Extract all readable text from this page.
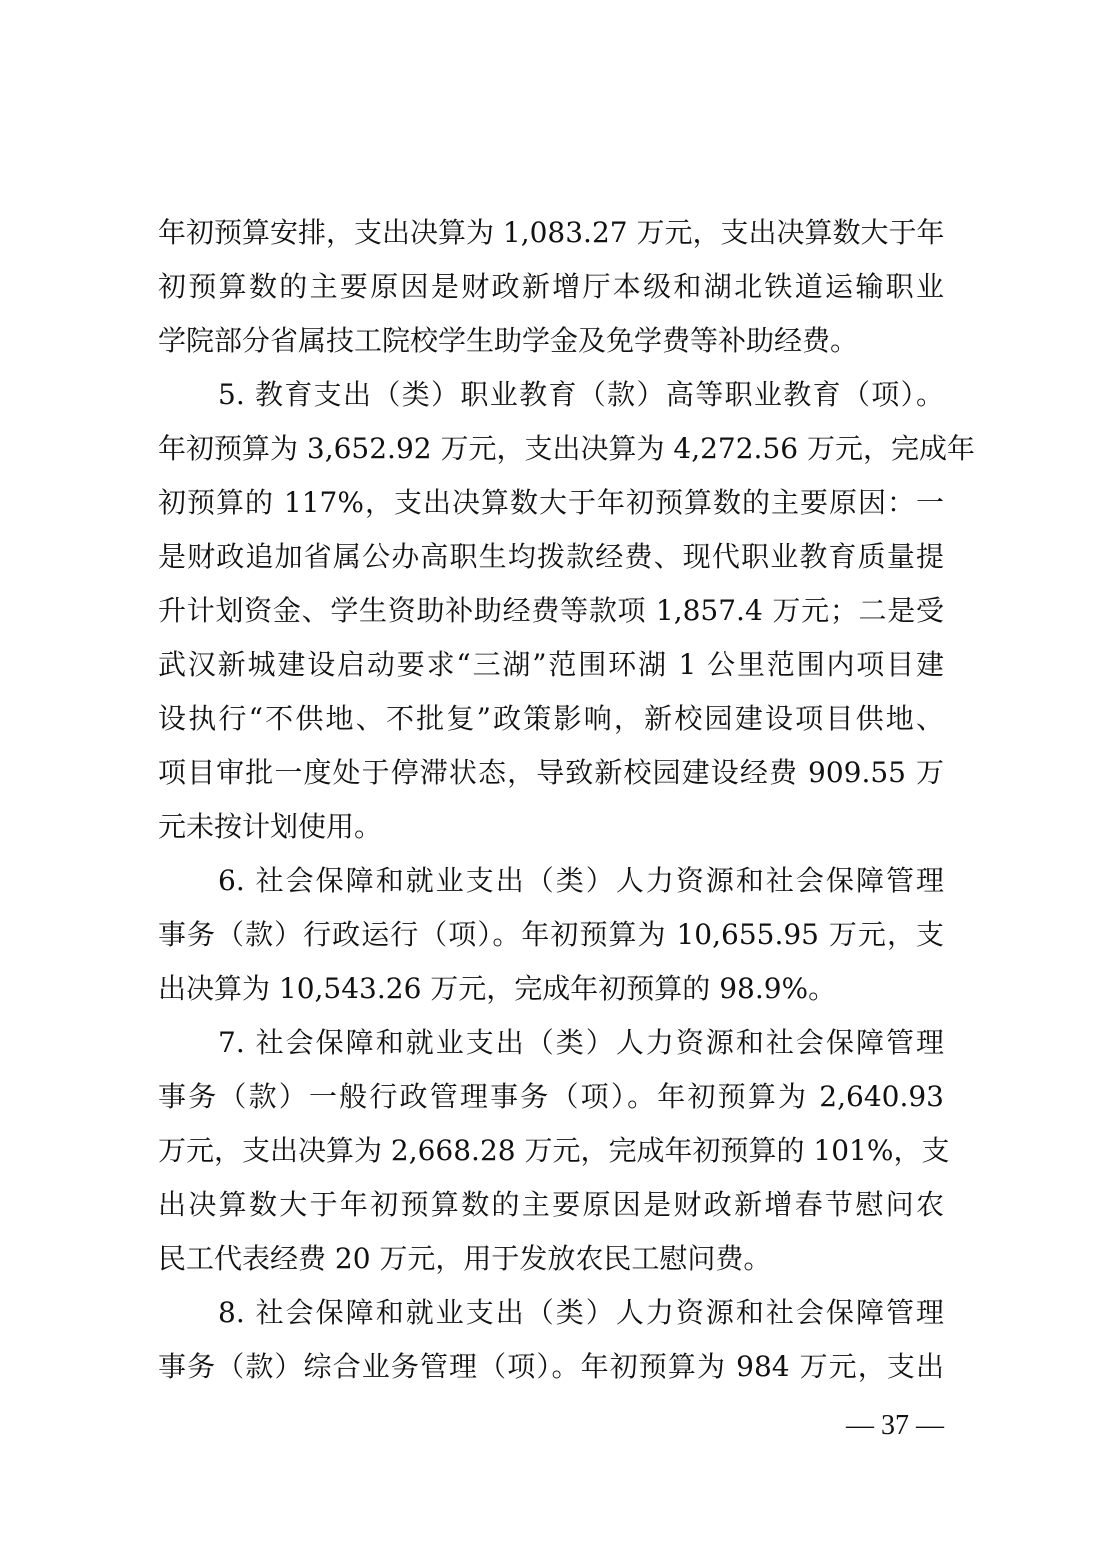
年初预算安排，支出决算为 1,083.27 万元，支出决算数大于年
初预算数的主要原因是财政新增厅本级和湖北铁道运输职业
学院部分省属技工院校学生助学金及免学费等补助经费。
5. 教育支出（类）职业教育（款）高等职业教育（项）。
年初预算为 3,652.92 万元，支出决算为 4,272.56 万元，完成年
初预算的 117%，支出决算数大于年初预算数的主要原因：一
是财政追加省属公办高职生均拨款经费、现代职业教育质量提
升计划资金、学生资助补助经费等款项 1,857.4 万元；二是受
武汉新城建设启动要求“三湖”范围环湖 1 公里范围内项目建
设执行“不供地、不批复”政策影响，新校园建设项目供地、
项目审批一度处于停滞状态，导致新校园建设经费 909.55 万
元未按计划使用。
6. 社会保障和就业支出（类）人力资源和社会保障管理
事务（款）行政运行（项）。年初预算为 10,655.95 万元，支
出决算为 10,543.26 万元，完成年初预算的 98.9%。
7. 社会保障和就业支出（类）人力资源和社会保障管理
事务（款）一般行政管理事务（项）。年初预算为 2,640.93
万元，支出决算为 2,668.28 万元，完成年初预算的 101%，支
出决算数大于年初预算数的主要原因是财政新增春节慰问农
民工代表经费 20 万元，用于发放农民工慰问费。
8. 社会保障和就业支出（类）人力资源和社会保障管理
事务（款）综合业务管理（项）。年初预算为 984 万元，支出
— 37 —
